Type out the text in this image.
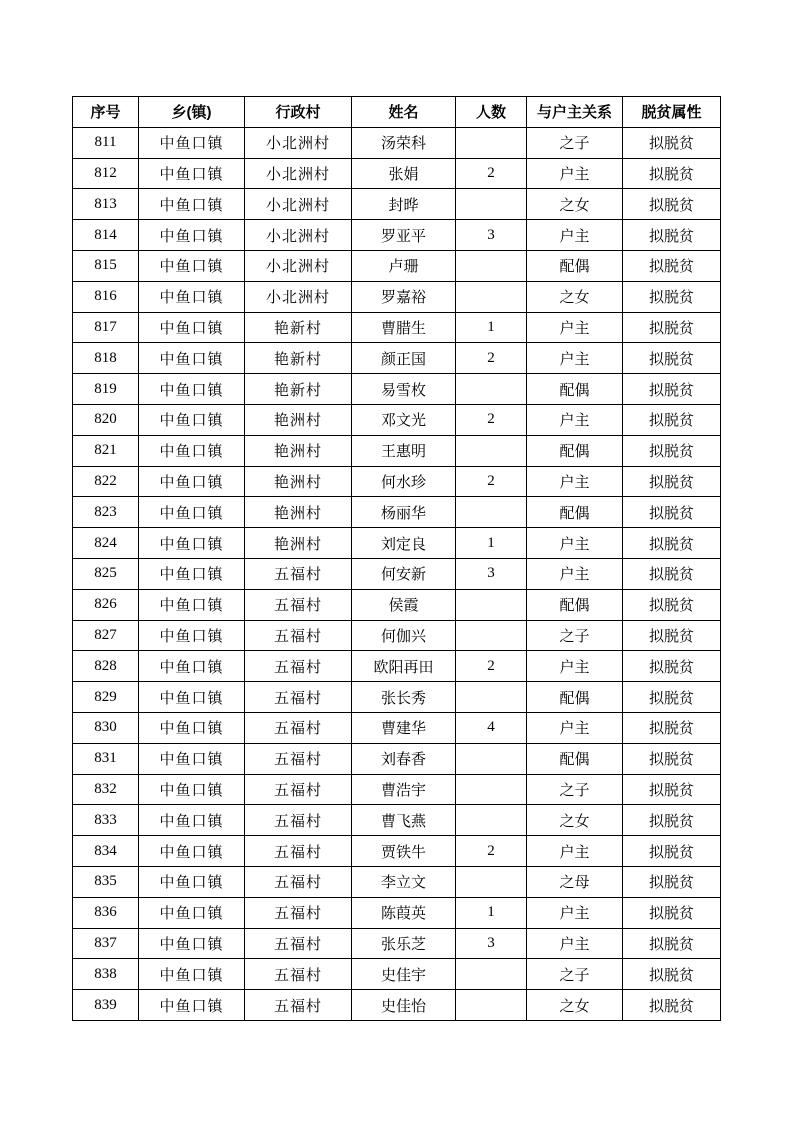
序号	乡(镇)	行政村	姓名	人数	与户主关系	脱贫属性
811	中鱼口镇	小北洲村	汤荣科		之子	拟脱贫
812	中鱼口镇	小北洲村	张娟	2	户主	拟脱贫
813	中鱼口镇	小北洲村	封晔		之女	拟脱贫
814	中鱼口镇	小北洲村	罗亚平	3	户主	拟脱贫
815	中鱼口镇	小北洲村	卢珊		配偶	拟脱贫
816	中鱼口镇	小北洲村	罗嘉裕		之女	拟脱贫
817	中鱼口镇	艳新村	曹腊生	1	户主	拟脱贫
818	中鱼口镇	艳新村	颜正国	2	户主	拟脱贫
819	中鱼口镇	艳新村	易雪枚		配偶	拟脱贫
820	中鱼口镇	艳洲村	邓文光	2	户主	拟脱贫
821	中鱼口镇	艳洲村	王惠明		配偶	拟脱贫
822	中鱼口镇	艳洲村	何水珍	2	户主	拟脱贫
823	中鱼口镇	艳洲村	杨丽华		配偶	拟脱贫
824	中鱼口镇	艳洲村	刘定良	1	户主	拟脱贫
825	中鱼口镇	五福村	何安新	3	户主	拟脱贫
826	中鱼口镇	五福村	侯霞		配偶	拟脱贫
827	中鱼口镇	五福村	何伽兴		之子	拟脱贫
828	中鱼口镇	五福村	欧阳再田	2	户主	拟脱贫
829	中鱼口镇	五福村	张长秀		配偶	拟脱贫
830	中鱼口镇	五福村	曹建华	4	户主	拟脱贫
831	中鱼口镇	五福村	刘春香		配偶	拟脱贫
832	中鱼口镇	五福村	曹浩宇		之子	拟脱贫
833	中鱼口镇	五福村	曹飞燕		之女	拟脱贫
834	中鱼口镇	五福村	贾铁牛	2	户主	拟脱贫
835	中鱼口镇	五福村	李立文		之母	拟脱贫
836	中鱼口镇	五福村	陈葭英	1	户主	拟脱贫
837	中鱼口镇	五福村	张乐芝	3	户主	拟脱贫
838	中鱼口镇	五福村	史佳宇		之子	拟脱贫
839	中鱼口镇	五福村	史佳怡		之女	拟脱贫
